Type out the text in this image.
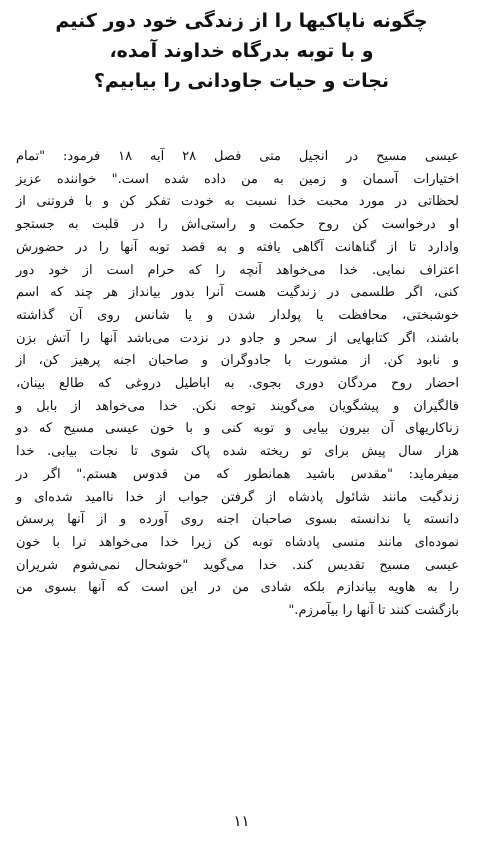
چگونه ناپاکیها را از زندگی خود دور کنیم
و با توبه بدرگاه خداوند آمده،
نجات و حیات جاودانی را بیابیم؟
عیسی مسیح در انجیل متی فصل ۲۸ آیه ۱۸ فرمود: "تمام
اختیارات آسمان و زمین به من داده شده است." خواننده عزیز
لحظاتی در مورد محبت خدا نسبت به خودت تفکر کن و با فروتنی از
او درخواست کن روح حکمت و راستی‌اش را در قلبت به جستجو
وادارد تا از گناهانت آگاهی یافته و به قصد توبه آنها را در حضورش
اعتراف نمایی. خدا می‌خواهد آنچه را که حرام است از خود دور
کنی، اگر طلسمی در زندگیت هست آنرا بدور بیانداز هر چند که اسم
خوشبختی، محافظت یا پولدار شدن و یا شانس روی آن گذاشته
باشند، اگر کتابهایی از سحر و جادو در نزدت می‌باشد آنها را آتش بزن
و نابود کن. از مشورت با جادوگران و صاحبان اجنه پرهیز کن، از
احضار روح مردگان دوری بجوی. به اباطیل دروغی که طالع بینان،
فالگیران و پیشگویان می‌گویند توجه نکن. خدا می‌خواهد از بابل و
زناکاریهای آن بیرون بیایی و توبه کنی و با خون عیسی مسیح که دو
هزار سال پیش برای تو ریخته شده پاک شوی تا نجات بیابی. خدا
میفرماید: "مقدس باشید همانطور که من قدوس هستم." اگر در
زندگیت مانند شائول پادشاه از گرفتن جواب از خدا ناامید شده‌ای و
دانسته یا ندانسته بسوی صاحبان اجنه روی آورده و از آنها پرسش
نموده‌ای مانند منسی پادشاه توبه کن زیرا خدا می‌خواهد ترا با خون
عیسی مسیح تقدیس کند. خدا می‌گوید "خوشحال نمی‌شوم شریران
را به هاویه بیاندازم بلکه شادی من در این است که آنها بسوی من
بازگشت کنند تا آنها را بیآمرزم."
۱۱
